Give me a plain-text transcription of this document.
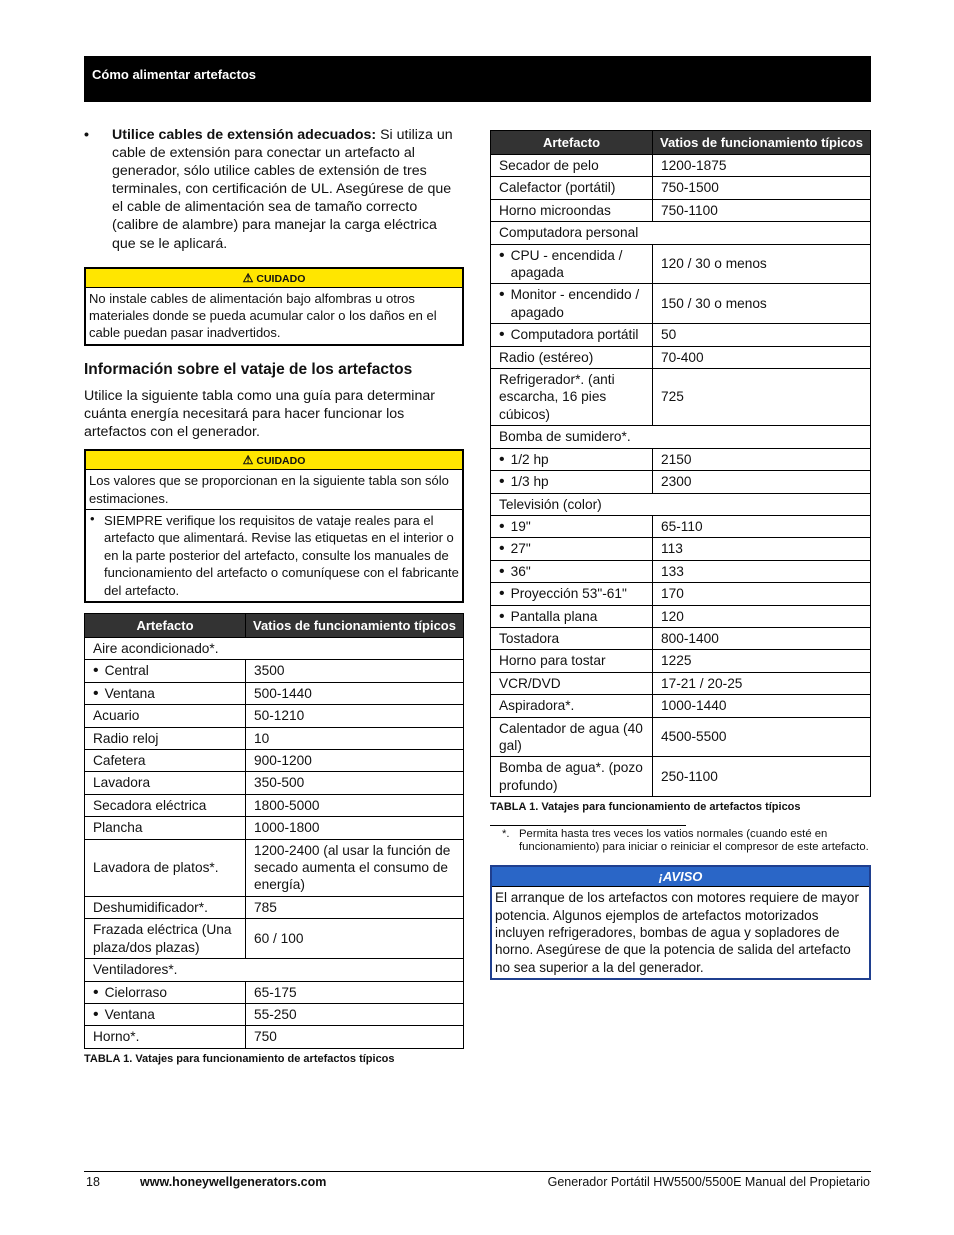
Cómo alimentar artefactos
• Utilice cables de extensión adecuados: Si utiliza un cable de extensión para conectar un artefacto al generador, sólo utilice cables de extensión de tres terminales, con certificación de UL. Asegúrese de que el cable de alimentación sea de tamaño correcto (calibre de alambre) para manejar la carga eléctrica que se le aplicará.
⚠ CUIDADO
No instale cables de alimentación bajo alfombras u otros materiales donde se pueda acumular calor o los daños en el cable puedan pasar inadvertidos.
Información sobre el vataje de los artefactos
Utilice la siguiente tabla como una guía para determinar cuánta energía necesitará para hacer funcionar los artefactos con el generador.
⚠ CUIDADO
Los valores que se proporcionan en la siguiente tabla son sólo estimaciones.
• SIEMPRE verifique los requisitos de vataje reales para el artefacto que alimentará. Revise las etiquetas en el interior o en la parte posterior del artefacto, consulte los manuales de funcionamiento del artefacto o comuníquese con el fabricante del artefacto.
Artefacto	Vatios de funcionamiento típicos
Aire acondicionado*.	

• Central	3500

• Ventana	500-1440
Acuario	50-1210
Radio reloj	10
Cafetera	900-1200
Lavadora	350-500
Secadora eléctrica	1800-5000
Plancha	1000-1800
Lavadora de platos*.	1200-2400 (al usar la función de secado aumenta el consumo de energía)
Deshumidificador*.	785
Frazada eléctrica (Una plaza/dos plazas)	60 / 100
Ventiladores*.	

• Cielorraso	65-175

• Ventana	55-250
Horno*.	750
TABLA 1. Vatajes para funcionamiento de artefactos típicos
Artefacto	Vatios de funcionamiento típicos
Secador de pelo	1200-1875
Calefactor (portátil)	750-1500
Horno microondas	750-1100
Computadora personal	

• CPU - encendida / apagada	120 / 30 o menos

• Monitor - encendido / apagado	150 / 30 o menos

• Computadora portátil	50
Radio (estéreo)	70-400
Refrigerador*. (anti escarcha, 16 pies cúbicos)	725
Bomba de sumidero*.	

• 1/2 hp	2150

• 1/3 hp	2300
Televisión (color)	

• 19"	65-110

• 27"	113

• 36"	133

• Proyección 53"-61"	170

• Pantalla plana	120
Tostadora	800-1400
Horno para tostar	1225
VCR/DVD	17-21 / 20-25
Aspiradora*.	1000-1440
Calentador de agua (40 gal)	4500-5500
Bomba de agua*. (pozo profundo)	250-1100
TABLA 1. Vatajes para funcionamiento de artefactos típicos
*. Permita hasta tres veces los vatios normales (cuando esté en funcionamiento) para iniciar o reiniciar el compresor de este artefacto.
¡AVISO
El arranque de los artefactos con motores requiere de mayor potencia. Algunos ejemplos de artefactos motorizados incluyen refrigeradores, bombas de agua y sopladores de horno. Asegúrese de que la potencia de salida del artefacto no sea superior a la del generador.
18	www.honeywellgenerators.com	Generador Portátil HW5500/5500E Manual del Propietario
